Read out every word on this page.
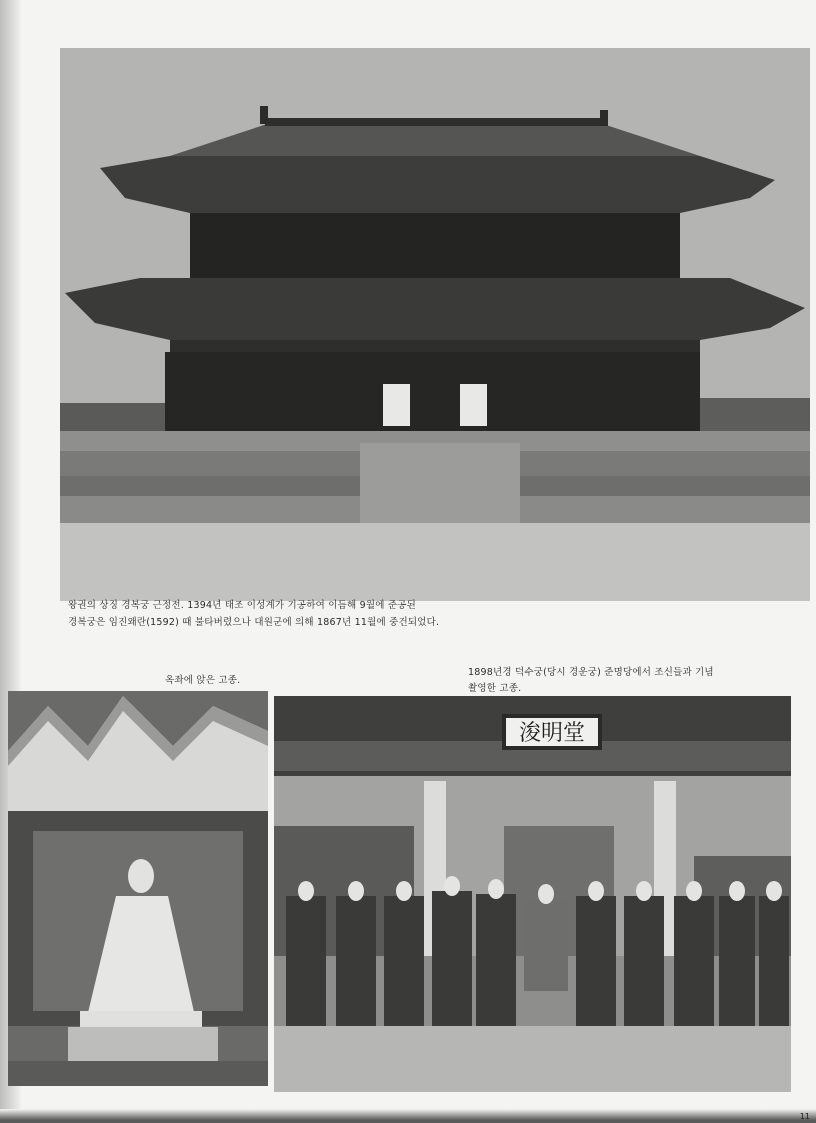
왕권의 상징 경복궁 근정전. 1394년 태조 이성계가 기공하여 이듬해 9월에 준공된
경복궁은 임진왜란(1592) 때 불타버렸으나 대원군에 의해 1867년 11월에 중건되었다.
1898년경 덕수궁(당시 경운궁) 준명당에서 조신들과 기념
옥좌에 앉은 고종.
촬영한 고종.
浚明堂
11
